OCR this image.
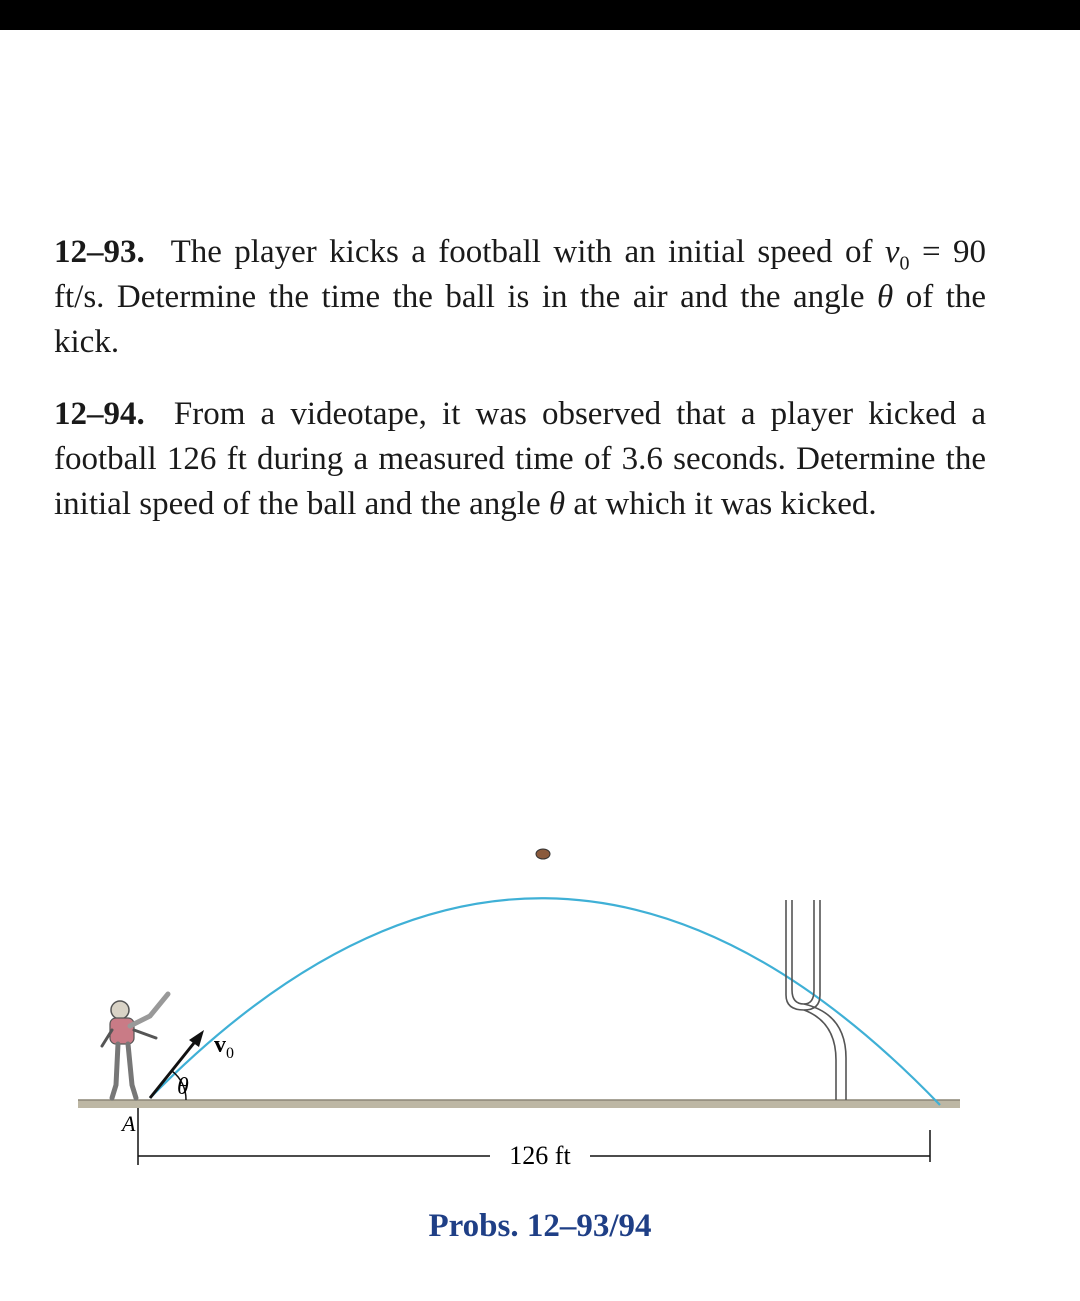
12–93. The player kicks a football with an initial speed of $v_0 = 90$ ft/s. Determine the time the ball is in the air and the angle θ of the kick.

12–94. From a videotape, it was observed that a player kicked a football 126 ft during a measured time of 3.6 seconds. Determine the initial speed of the ball and the angle θ at which it was kicked.

$v_0$
θ
A
126 ft
Probs. 12–93/94
